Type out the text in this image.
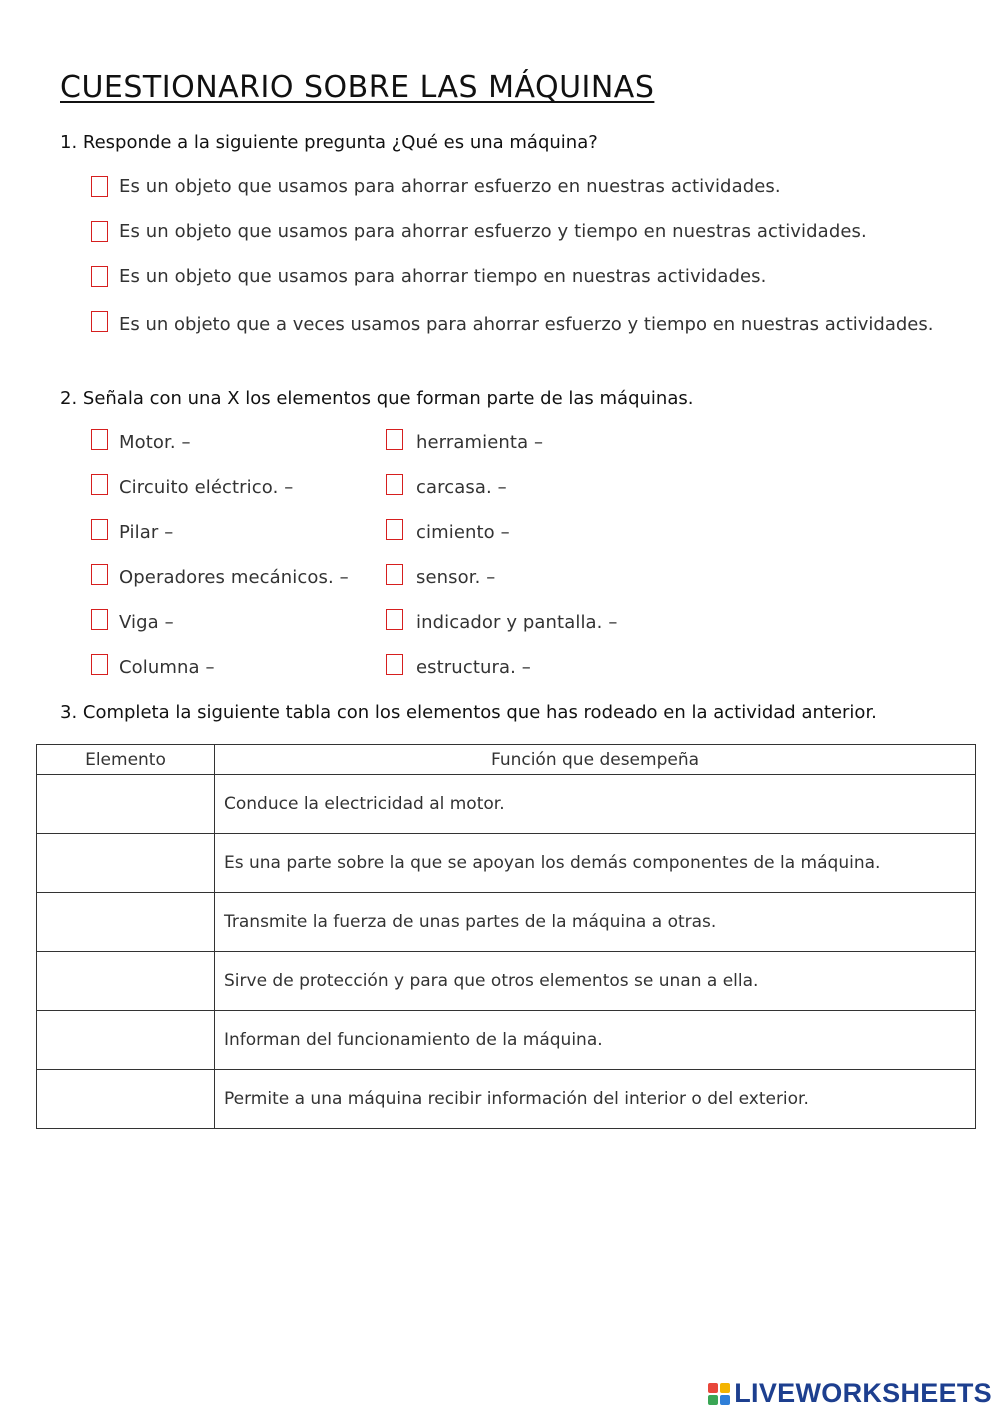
CUESTIONARIO SOBRE LAS MÁQUINAS
1. Responde a la siguiente pregunta ¿Qué es una máquina?
Es un objeto que usamos para ahorrar esfuerzo en nuestras actividades.
Es un objeto que usamos para ahorrar esfuerzo y tiempo en nuestras actividades.
Es un objeto que usamos para ahorrar tiempo en nuestras actividades.
Es un objeto que a veces usamos para ahorrar esfuerzo y tiempo en nuestras actividades.
2. Señala con una X los elementos que forman parte de las máquinas.
Motor. –
Circuito eléctrico. –
Pilar –
Operadores mecánicos. –
Viga –
Columna –
herramienta –
carcasa. –
cimiento –
sensor. –
indicador y pantalla. –
estructura. –
3. Completa la siguiente tabla con los elementos que has rodeado en la actividad anterior.
Elemento	Función que desempeña
	Conduce la electricidad al motor.
	Es una parte sobre la que se apoyan los demás componentes de la máquina.
	Transmite la fuerza de unas partes de la máquina a otras.
	Sirve de protección y para que otros elementos se unan a ella.
	Informan del funcionamiento de la máquina.
	Permite a una máquina recibir información del interior o del exterior.
LIVEWORKSHEETS
